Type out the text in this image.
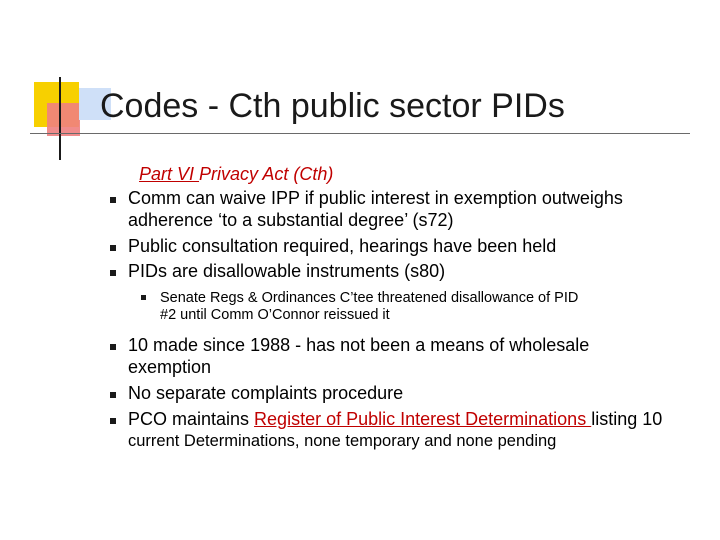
Codes - Cth public sector PIDs
Part VI Privacy Act (Cth)
Comm can waive IPP if public interest in exemption outweighs
adherence ‘to a substantial degree’ (s72)
Public consultation required, hearings have been held
PIDs are disallowable instruments (s80)
Senate Regs & Ordinances C’tee threatened disallowance of PID
#2 until Comm O’Connor reissued it
10 made since 1988 - has not been a means of wholesale
exemption
No separate complaints procedure
PCO maintains Register of Public Interest Determinations listing 10
current Determinations, none temporary and none pending
